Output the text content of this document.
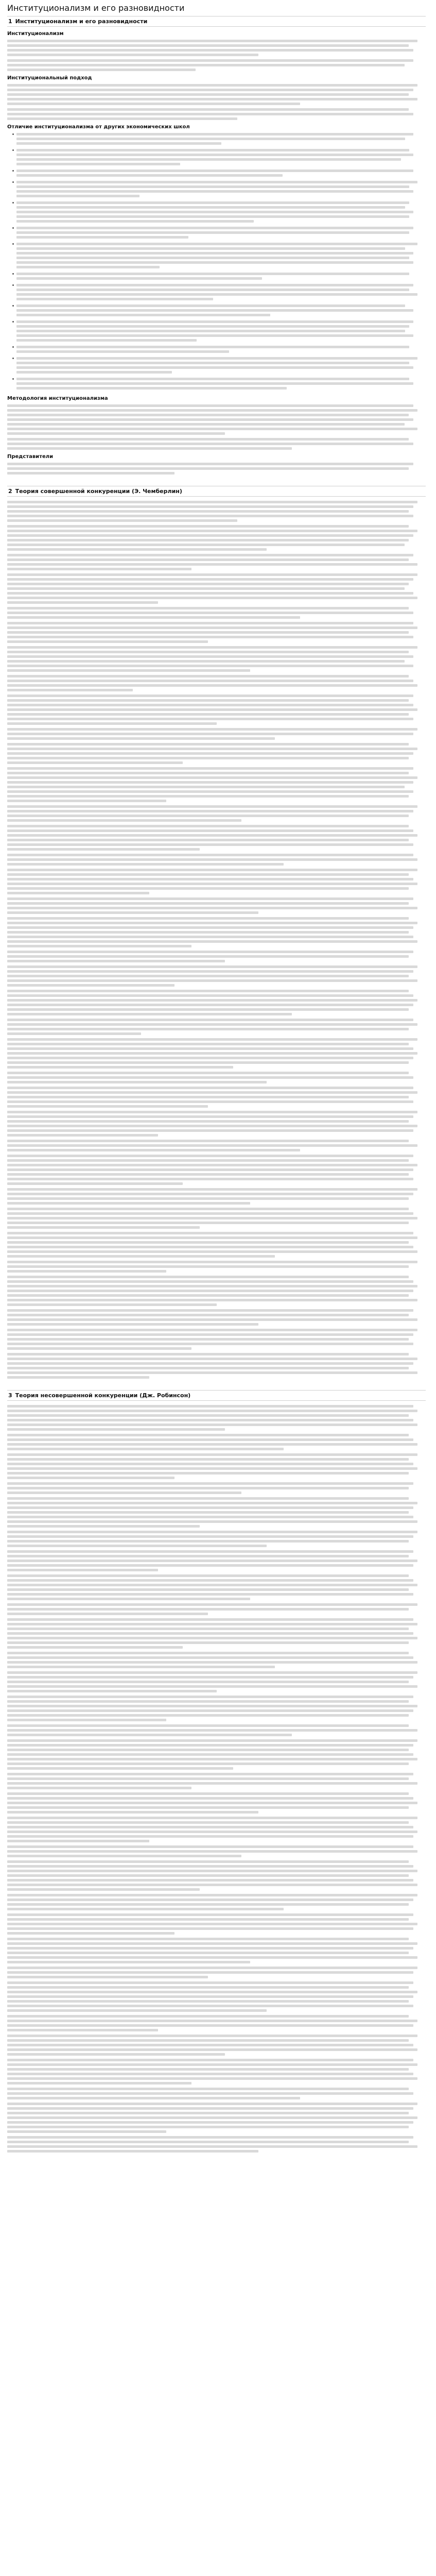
Институционализм и его разновидности
1 Институционализм и его разновидности
Институционализм
Институциональный подход
Отличие институционализма от других экономических школ
Методология институционализма
Представители
2 Теория совершенной конкуренции (Э. Чемберлин)
3 Теория несовершенной конкуренции (Дж. Робинсон)
